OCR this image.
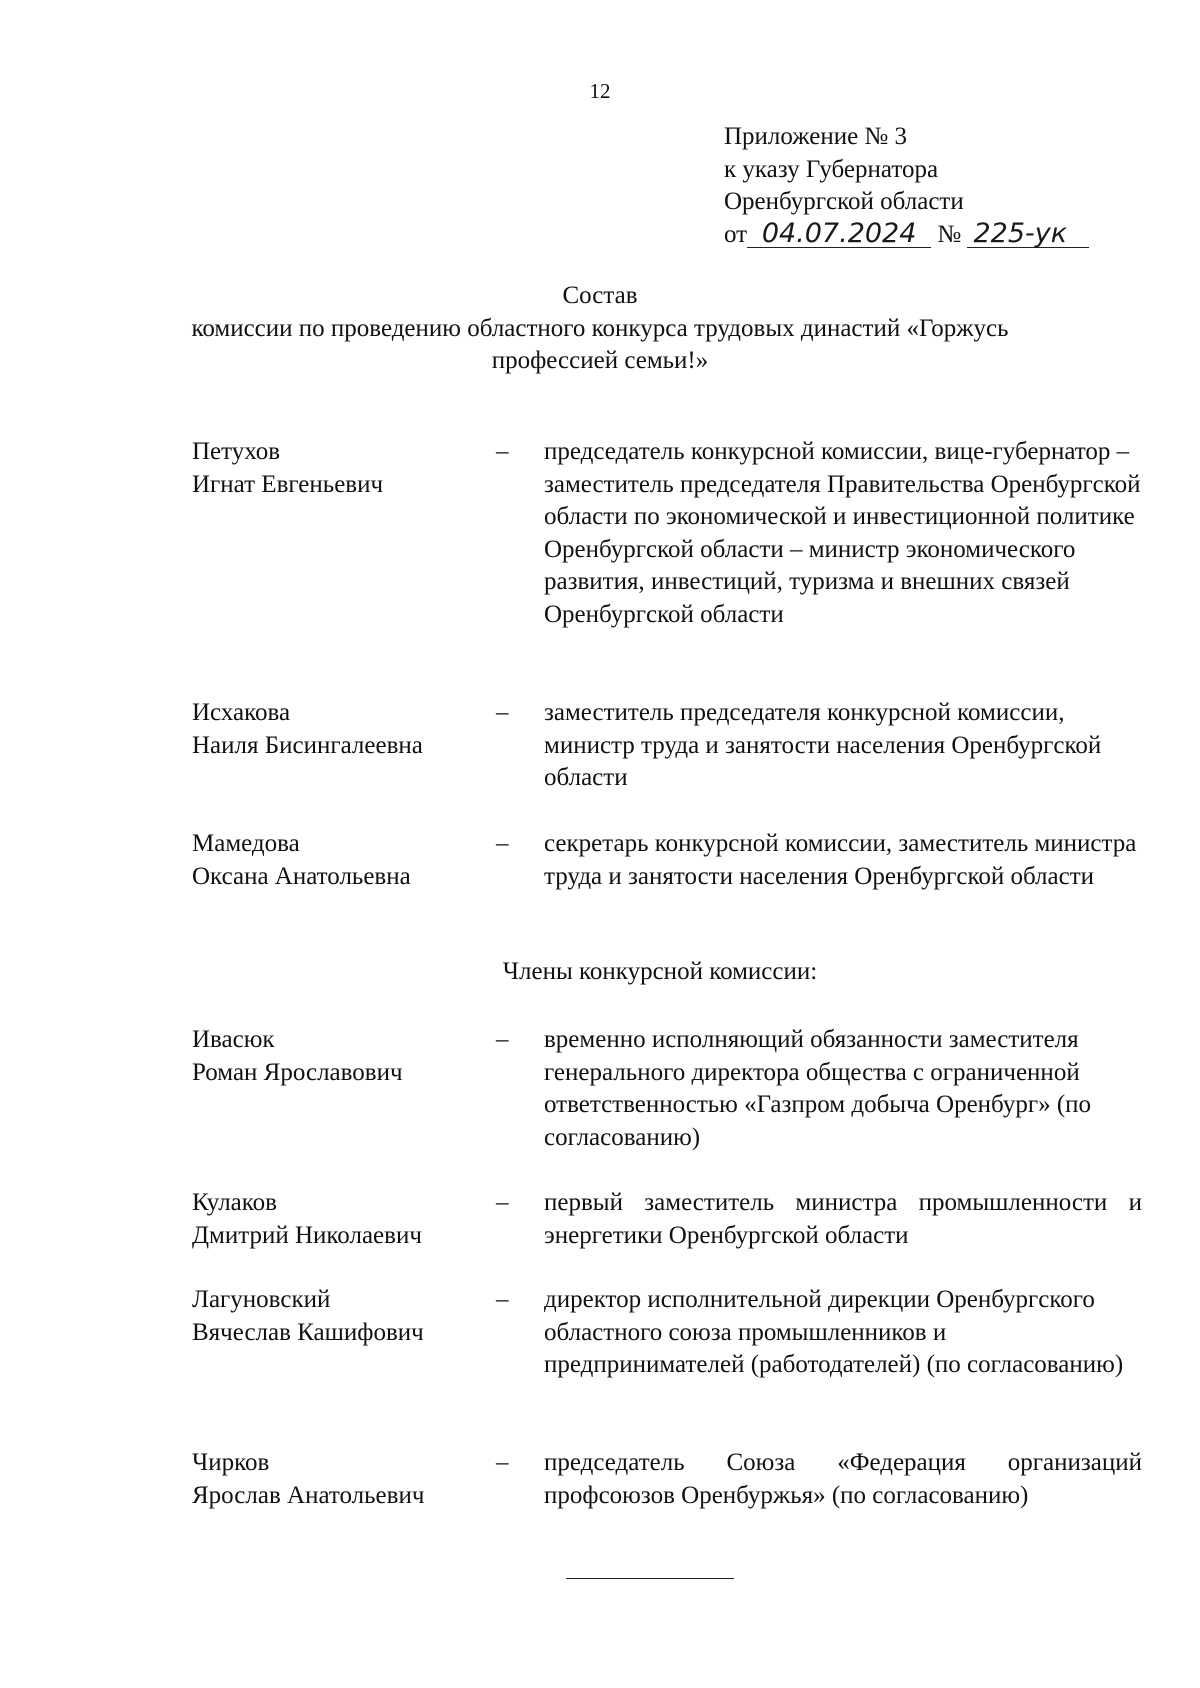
12
Приложение № 3
к указу Губернатора
Оренбургской области
от 04.07.2024 № 225-ук
Состав
комиссии по проведению областного конкурса трудовых династий «Горжусь
профессией семьи!»
Петухов
Игнат Евгеньевич
– председатель конкурсной комиссии, вице-губернатор – заместитель председателя Правительства Оренбургской области по экономической и инвестиционной политике Оренбургской области – министр экономического развития, инвестиций, туризма и внешних связей Оренбургской области
Исхакова
Наиля Бисингалеевна
– заместитель председателя конкурсной комиссии, министр труда и занятости населения Оренбургской области
Мамедова
Оксана Анатольевна
– секретарь конкурсной комиссии, заместитель министра труда и занятости населения Оренбургской области
Члены конкурсной комиссии:
Ивасюк
Роман Ярославович
– временно исполняющий обязанности заместителя генерального директора общества с ограниченной ответственностью «Газпром добыча Оренбург» (по согласованию)
Кулаков
Дмитрий Николаевич
– первый заместитель министра промышленности и энергетики Оренбургской области
Лагуновский
Вячеслав Кашифович
– директор исполнительной дирекции Оренбургского областного союза промышленников и предпринимателей (работодателей) (по согласованию)
Чирков
Ярослав Анатольевич
– председатель Союза «Федерация организаций профсоюзов Оренбуржья» (по согласованию)
